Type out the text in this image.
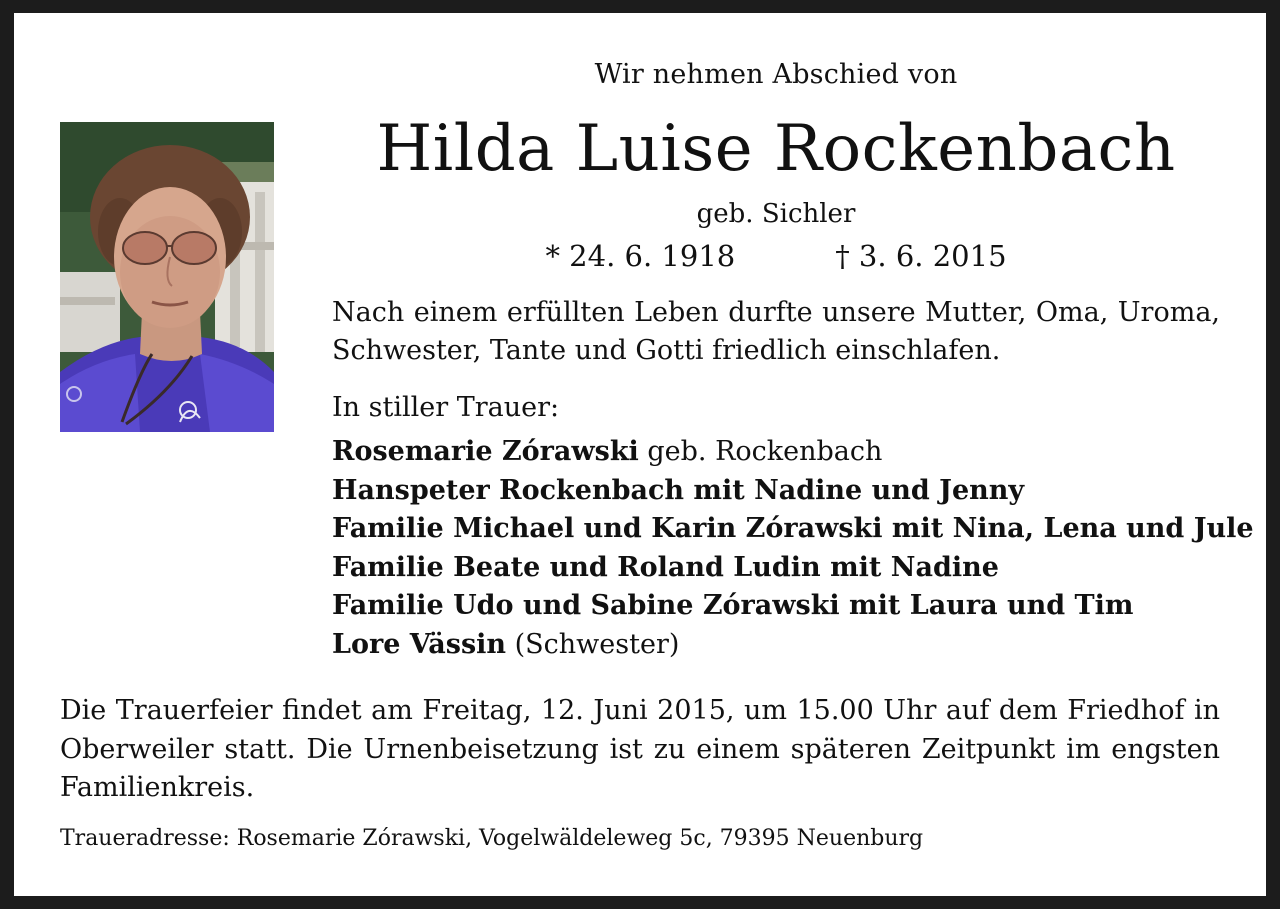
Wir nehmen Abschied von
Hilda Luise Rockenbach
geb. Sichler
* 24. 6. 1918	† 3. 6. 2015
Nach einem erfüllten Leben durfte unsere Mutter, Oma, Uroma, Schwester, Tante und Gotti friedlich einschlafen.
In stiller Trauer:
Rosemarie Zórawski geb. Rockenbach
Hanspeter Rockenbach mit Nadine und Jenny
Familie Michael und Karin Zórawski mit Nina, Lena und Jule
Familie Beate und Roland Ludin mit Nadine
Familie Udo und Sabine Zórawski mit Laura und Tim
Lore Vässin (Schwester)
Die Trauerfeier findet am Freitag, 12. Juni 2015, um 15.00 Uhr auf dem Friedhof in Oberweiler statt. Die Urnenbeisetzung ist zu einem späteren Zeitpunkt im engsten Familienkreis.
Traueradresse: Rosemarie Zórawski, Vogelwäldeleweg 5c, 79395 Neuenburg
